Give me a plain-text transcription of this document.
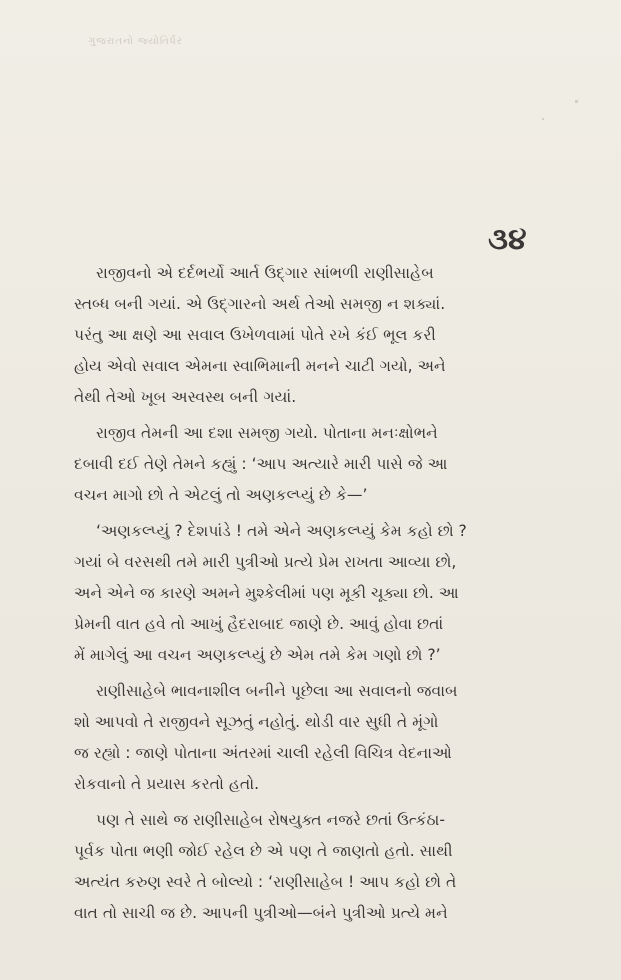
ગુજરાતનો જ્યોતિર્ધર
૩૪
રાજીવનો એ દર્દભર્યો આર્ત ઉદ્‌ગાર સાંભળી રાણીસાહેબ
સ્તબ્ધ બની ગયાં. એ ઉદ્‌ગારનો અર્થ તેઓ સમજી ન શક્યાં.
પરંતુ આ ક્ષણે આ સવાલ ઉખેળવામાં પોતે રખે કંઈ ભૂલ કરી
હોય એવો સવાલ એમના સ્વાભિમાની મનને ચાટી ગયો, અને
તેથી તેઓ ખૂબ અસ્વસ્થ બની ગયાં.
રાજીવ તેમની આ દશા સમજી ગયો. પોતાના મનઃક્ષોભને
દબાવી દઈ તેણે તેમને કહ્યું : ‘આપ અત્યારે મારી પાસે જે આ
વચન માગો છો તે એટલું તો અણકલ્પ્યું છે કે—’
‘અણકલ્પ્યું ? દેશપાંડે ! તમે એને અણકલ્પ્યું કેમ કહો છો ?
ગયાં બે વરસથી તમે મારી પુત્રીઓ પ્રત્યે પ્રેમ રાખતા આવ્યા છો,
અને એને જ કારણે અમને મુશ્કેલીમાં પણ મૂકી ચૂક્યા છો. આ
પ્રેમની વાત હવે તો આખું હૈદરાબાદ જાણે છે. આવું હોવા છતાં
મેં માગેલું આ વચન અણકલ્પ્યું છે એમ તમે કેમ ગણો છો ?’
રાણીસાહેબે ભાવનાશીલ બનીને પૂછેલા આ સવાલનો જવાબ
શો આપવો તે રાજીવને સૂઝતું નહોતું. થોડી વાર સુધી તે મૂંગો
જ રહ્યો : જાણે પોતાના અંતરમાં ચાલી રહેલી વિચિત્ર વેદનાઓ
રોકવાનો તે પ્રયાસ કરતો હતો.
પણ તે સાથે જ રાણીસાહેબ રોષયુક્ત નજરે છતાં ઉત્કંઠા-
પૂર્વક પોતા ભણી જોઈ રહેલ છે એ પણ તે જાણતો હતો. સાથી
અત્યંત કરુણ સ્વરે તે બોલ્યો : ‘રાણીસાહેબ ! આપ કહો છો તે
વાત તો સાચી જ છે. આપની પુત્રીઓ—બંને પુત્રીઓ પ્રત્યે મને
